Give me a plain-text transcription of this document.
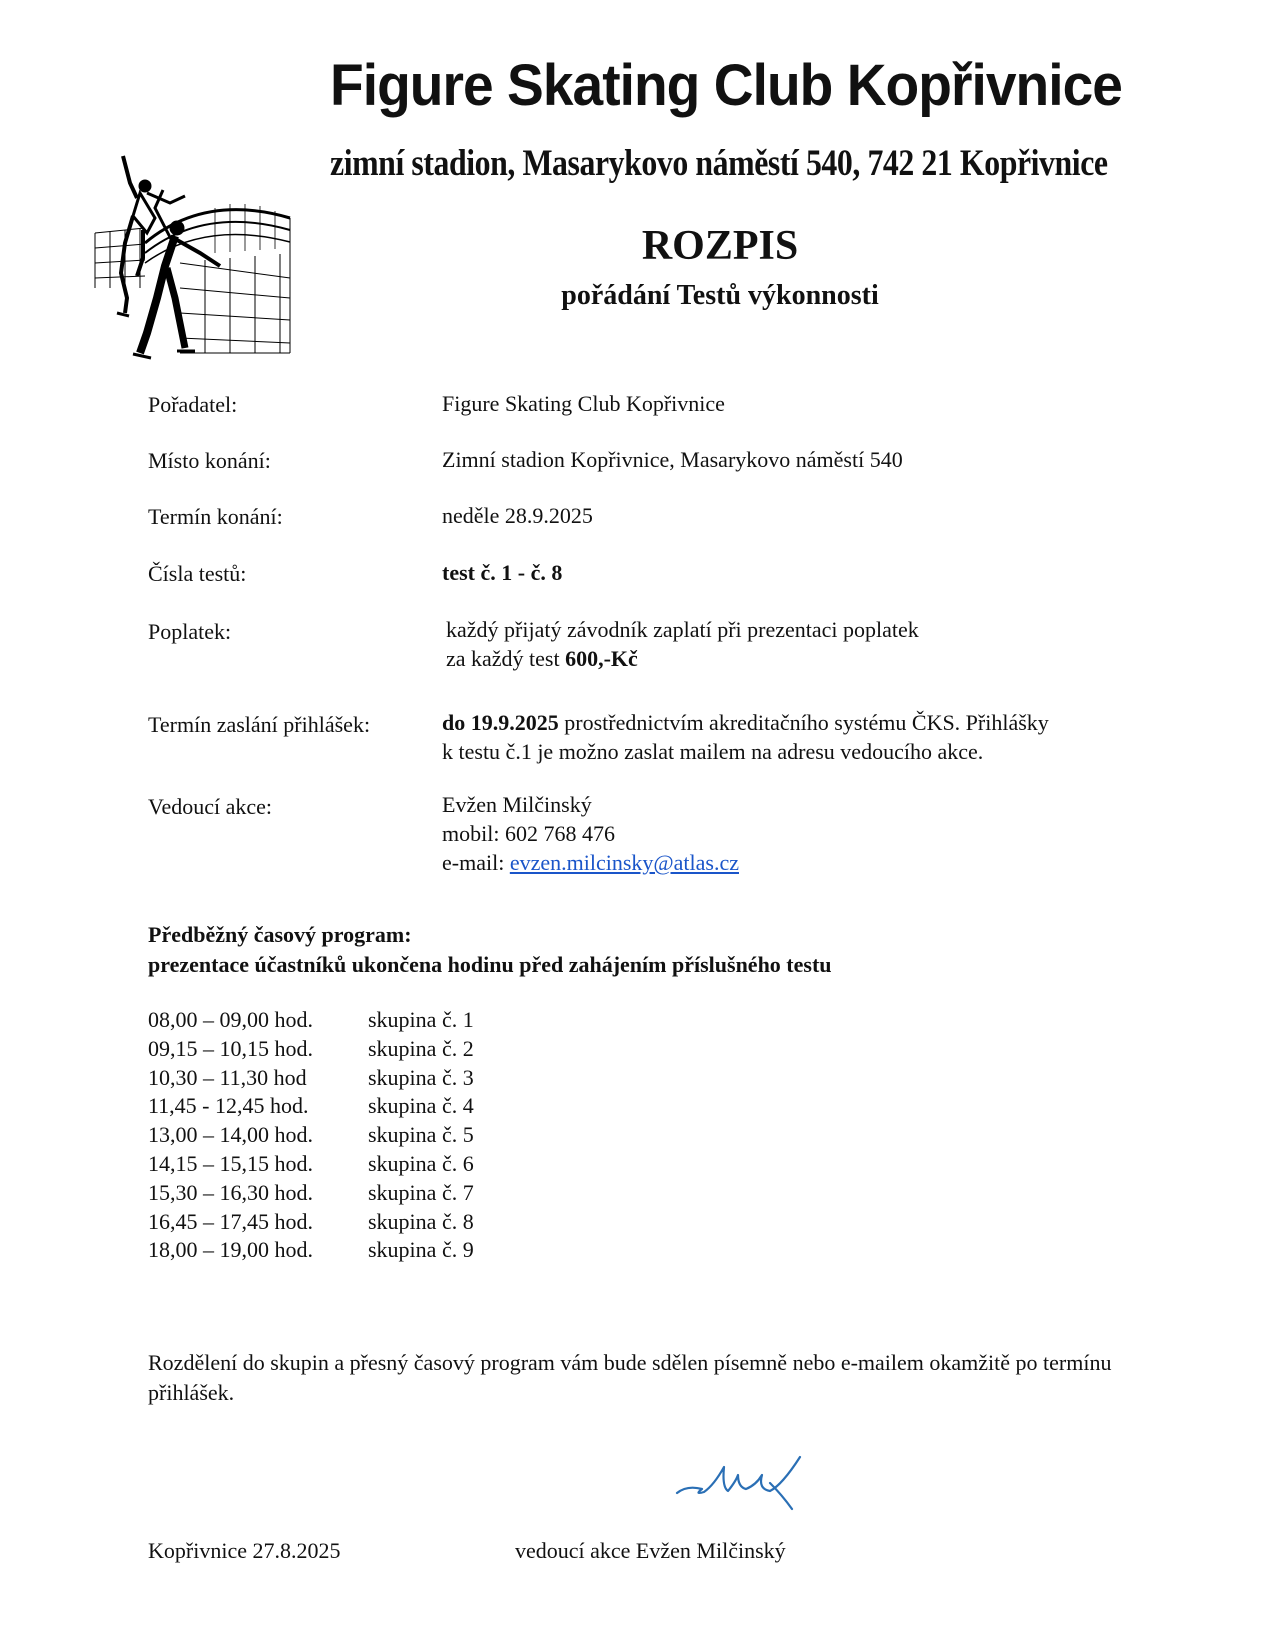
Figure Skating Club Kopřivnice
zimní stadion, Masarykovo náměstí 540, 742 21 Kopřivnice
ROZPIS
pořádání Testů výkonnosti
Pořadatel:	Figure Skating Club Kopřivnice
Místo konání:	Zimní stadion Kopřivnice, Masarykovo náměstí 540
Termín konání:	neděle 28.9.2025
Čísla testů:	test č. 1 - č. 8
Poplatek:	každý přijatý závodník zaplatí při prezentaci poplatek
za každý test 600,-Kč
Termín zaslání přihlášek:	do 19.9.2025 prostřednictvím akreditačního systému ČKS. Přihlášky
k testu č.1 je možno zaslat mailem na adresu vedoucího akce.
Vedoucí akce:	Evžen Milčinský
mobil: 602 768 476
e-mail: evzen.milcinsky@atlas.cz
Předběžný časový program:
prezentace účastníků ukončena hodinu před zahájením příslušného testu
08,00 – 09,00 hod.	skupina č. 1
09,15 – 10,15 hod.	skupina č. 2
10,30 – 11,30 hod	skupina č. 3
11,45 - 12,45 hod.	skupina č. 4
13,00 – 14,00 hod.	skupina č. 5
14,15 – 15,15 hod.	skupina č. 6
15,30 – 16,30 hod.	skupina č. 7
16,45 – 17,45 hod.	skupina č. 8
18,00 – 19,00 hod.	skupina č. 9
Rozdělení do skupin a přesný časový program vám bude sdělen písemně nebo e-mailem okamžitě po termínu přihlášek.
Kopřivnice 27.8.2025	vedoucí akce Evžen Milčinský
